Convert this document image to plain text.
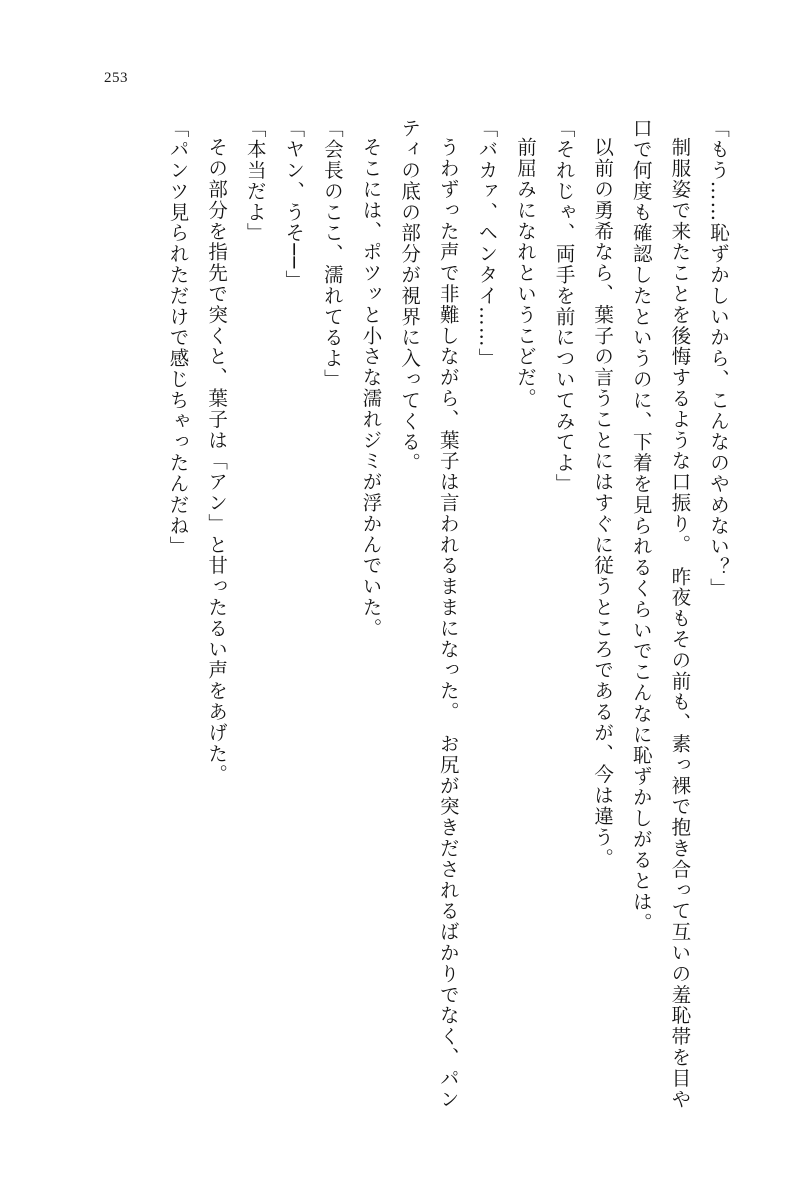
253

「もう……恥ずかしいから、こんなのやめない？」

制服姿で来たことを後悔するような口振り。　昨夜もその前も、素っ裸で抱き合って互いの羞恥帯を目や口で何度も確認したというのに、下着を見られるくらいでこんなに恥ずかしがるとは。

以前の勇希なら、葉子の言うことにはすぐに従うところであるが、今は違う。

「それじゃ、両手を前についてみてよ」

前屈みになれというこどだ。

「バカァ、ヘンタイ……」

うわずった声で非難しながら、葉子は言われるままになった。　お尻が突きだされるばかりでなく、パンティの底の部分が視界に入ってくる。

そこには、ポツッと小さな濡れジミが浮かんでいた。

「会長のここ、濡れてるよ」

「ヤン、うそ──」

「本当だよ」

その部分を指先で突くと、葉子は「アン」と甘ったるい声をあげた。

「パンツ見られただけで感じちゃったんだね」
